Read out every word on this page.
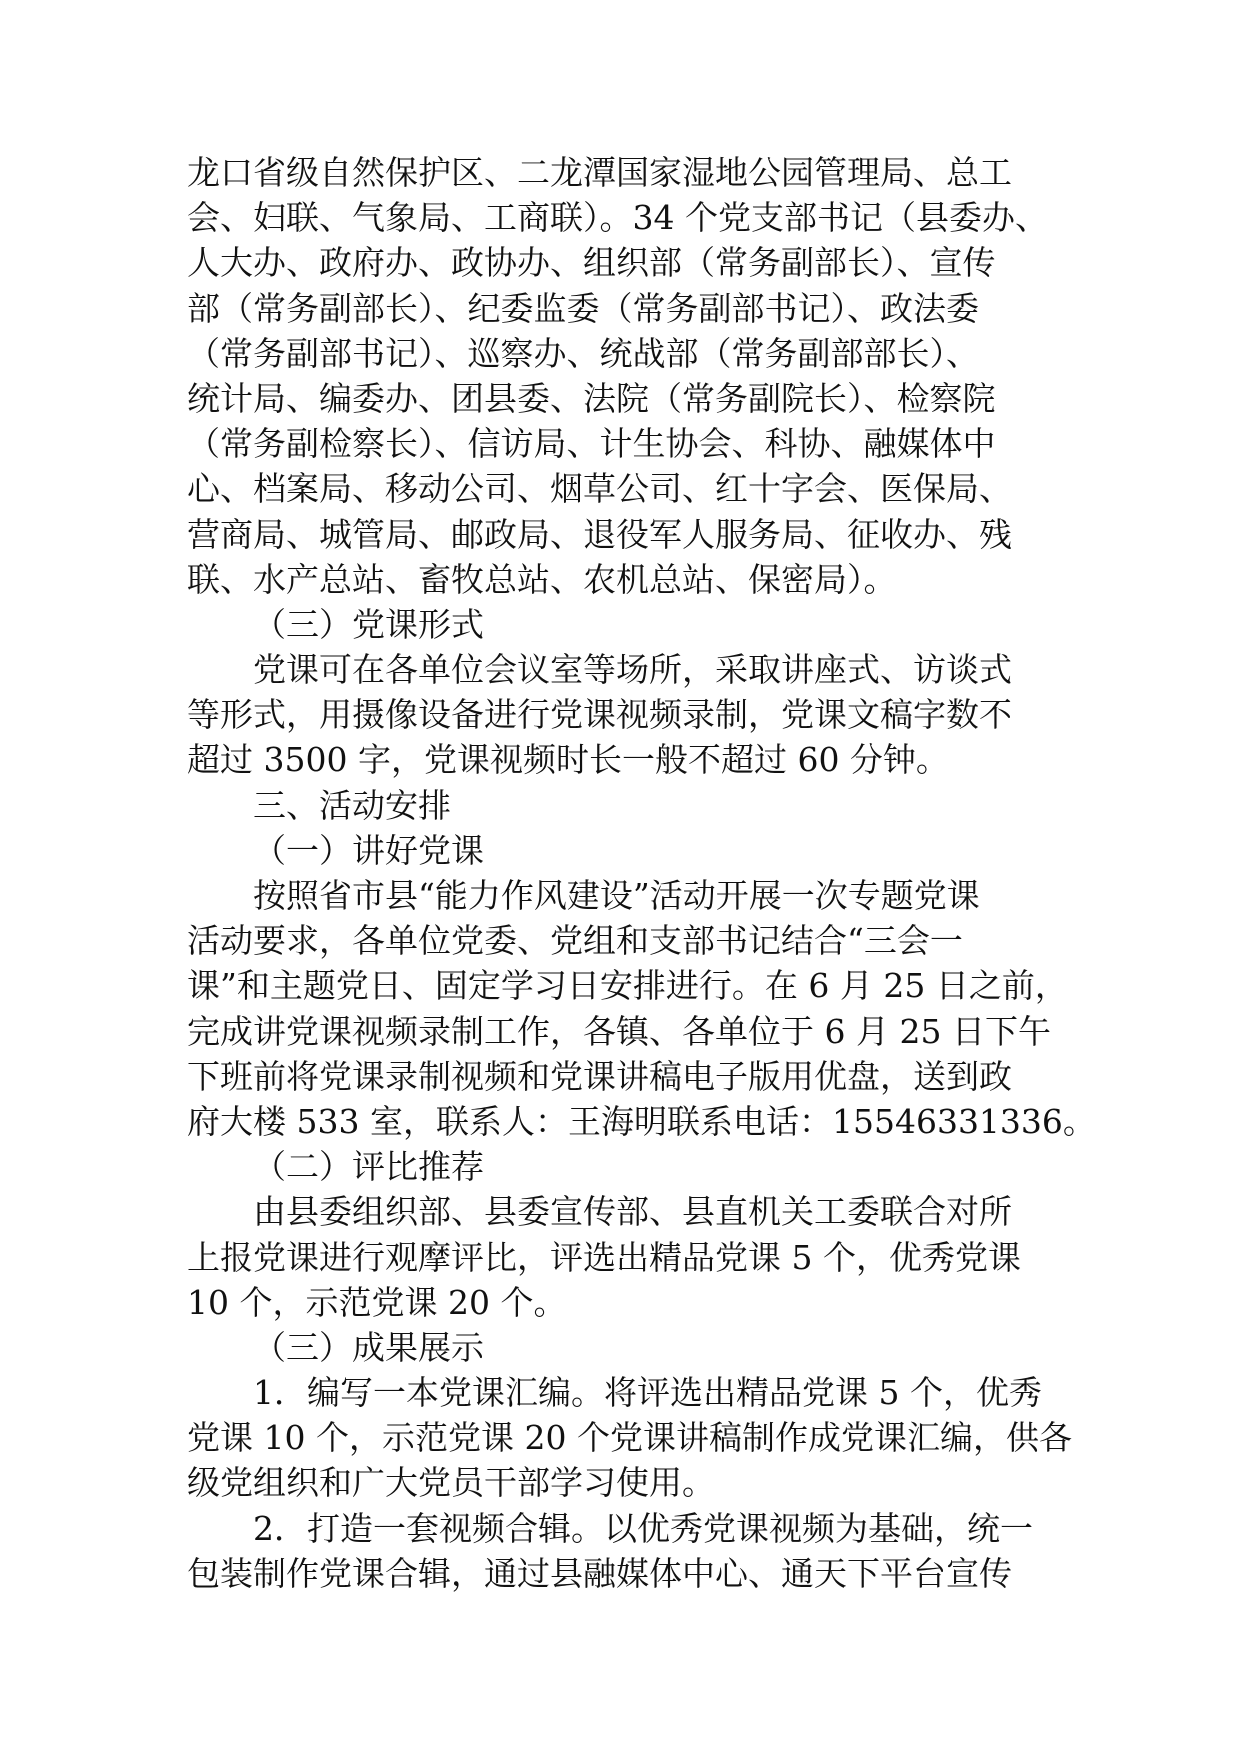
龙口省级自然保护区、二龙潭国家湿地公园管理局、总工
会、妇联、气象局、工商联）。34 个党支部书记（县委办、
人大办、政府办、政协办、组织部（常务副部长）、宣传
部（常务副部长）、纪委监委（常务副部书记）、政法委
（常务副部书记）、巡察办、统战部（常务副部部长）、
统计局、编委办、团县委、法院（常务副院长）、检察院
（常务副检察长）、信访局、计生协会、科协、融媒体中
心、档案局、移动公司、烟草公司、红十字会、医保局、
营商局、城管局、邮政局、退役军人服务局、征收办、残
联、水产总站、畜牧总站、农机总站、保密局）。
（三）党课形式
党课可在各单位会议室等场所，采取讲座式、访谈式
等形式，用摄像设备进行党课视频录制，党课文稿字数不
超过 3500 字，党课视频时长一般不超过 60 分钟。
三、活动安排
（一）讲好党课
按照省市县“能力作风建设”活动开展一次专题党课
活动要求，各单位党委、党组和支部书记结合“三会一
课”和主题党日、固定学习日安排进行。在 6 月 25 日之前，
完成讲党课视频录制工作，各镇、各单位于 6 月 25 日下午
下班前将党课录制视频和党课讲稿电子版用优盘，送到政
府大楼 533 室，联系人：王海明联系电话：15546331336。
（二）评比推荐
由县委组织部、县委宣传部、县直机关工委联合对所
上报党课进行观摩评比，评选出精品党课 5 个，优秀党课
10 个，示范党课 20 个。
（三）成果展示
1．编写一本党课汇编。将评选出精品党课 5 个，优秀
党课 10 个，示范党课 20 个党课讲稿制作成党课汇编，供各
级党组织和广大党员干部学习使用。
2．打造一套视频合辑。以优秀党课视频为基础，统一
包装制作党课合辑，通过县融媒体中心、通天下平台宣传
